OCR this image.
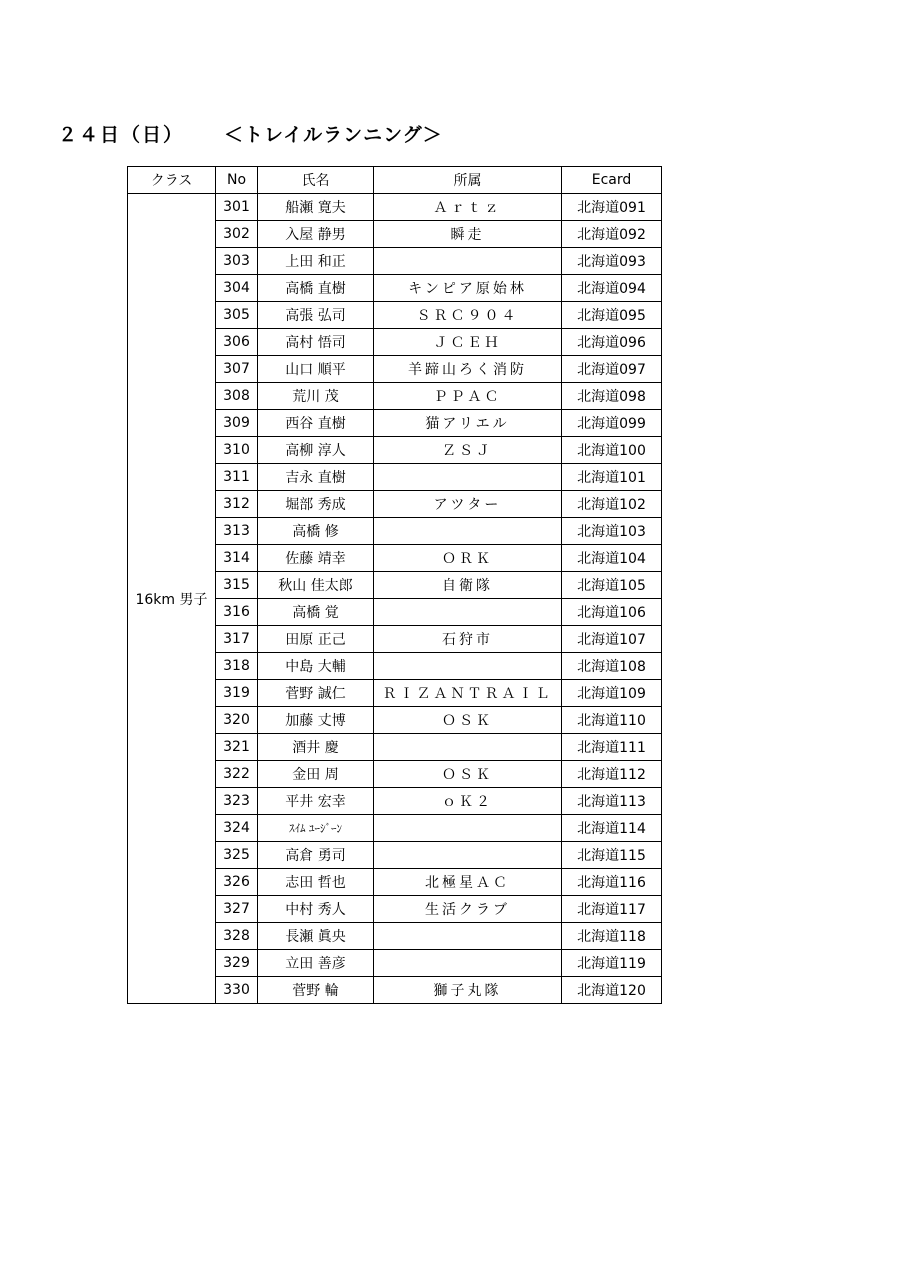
２４日（日） ＜トレイルランニング＞
クラス	No	氏名	所属	Ecard
16km 男子	301	船瀬 寛夫	Ａｒｔｚ	北海道091
	302	入屋 静男	瞬走	北海道092
	303	上田 和正		北海道093
	304	高橋 直樹	キンピア原始林	北海道094
	305	高張 弘司	ＳＲＣ９０４	北海道095
	306	高村 悟司	ＪＣＥＨ	北海道096
	307	山口 順平	羊蹄山ろく消防	北海道097
	308	荒川 茂	ＰＰＡＣ	北海道098
	309	西谷 直樹	猫アリエル	北海道099
	310	高柳 淳人	ＺＳＪ	北海道100
	311	吉永 直樹		北海道101
	312	堀部 秀成	アツター	北海道102
	313	高橋 修		北海道103
	314	佐藤 靖幸	ＯＲＫ	北海道104
	315	秋山 佳太郎	自衛隊	北海道105
	316	高橋 覚		北海道106
	317	田原 正己	石狩市	北海道107
	318	中島 大輔		北海道108
	319	菅野 誠仁	ＲＩＺＡＮＴＲＡＩＬ	北海道109
	320	加藤 丈博	ＯＳＫ	北海道110
	321	酒井 慶		北海道111
	322	金田 周	ＯＳＫ	北海道112
	323	平井 宏幸	ｏＫ２	北海道113
	324	ｽｲﾑ ﾕｰｼﾞｰﾝ		北海道114
	325	高倉 勇司		北海道115
	326	志田 哲也	北極星ＡＣ	北海道116
	327	中村 秀人	生活クラブ	北海道117
	328	長瀬 眞央		北海道118
	329	立田 善彦		北海道119
	330	菅野 輪	獅子丸隊	北海道120
